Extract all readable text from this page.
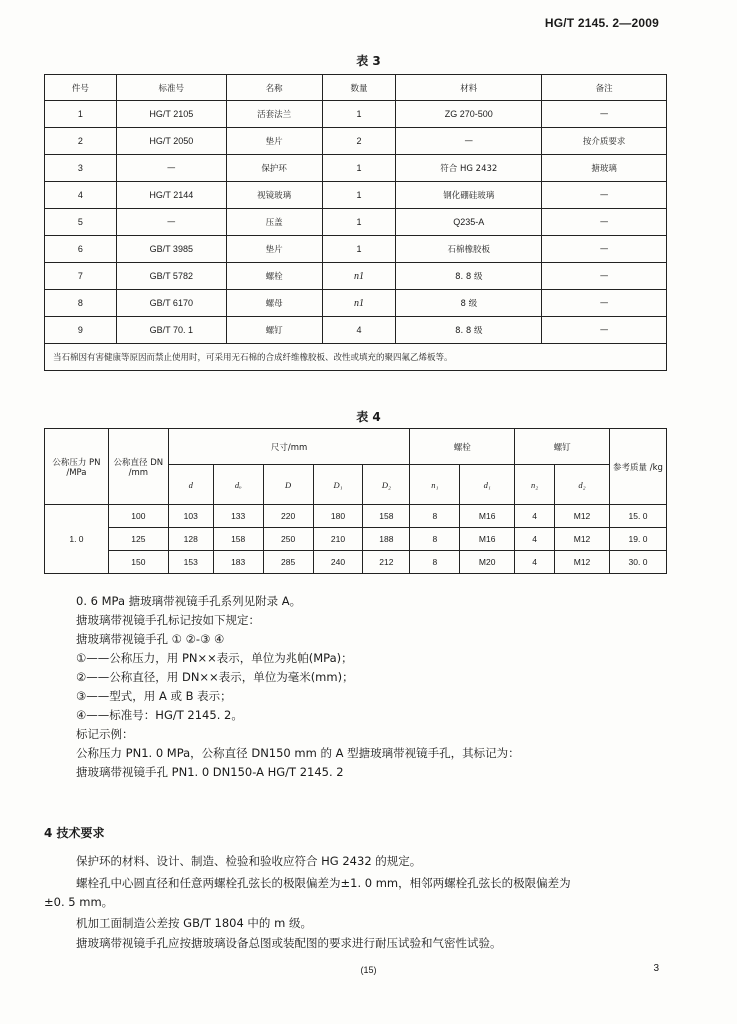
HG/T 2145. 2—2009
表 3
件号	标准号	名称	数量	材料	备注
1	HG/T 2105	活套法兰	1	ZG 270-500	—
2	HG/T 2050	垫片	2	—	按介质要求
3	—	保护环	1	符合 HG 2432	搪玻璃
4	HG/T 2144	视镜玻璃	1	钢化硼硅玻璃	—
5	—	压盖	1	Q235-A	—
6	GB/T 3985	垫片	1	石棉橡胶板	—
7	GB/T 5782	螺栓	n1	8. 8 级	—
8	GB/T 6170	螺母	n1	8 级	—
9	GB/T 70. 1	螺钉	4	8. 8 级	—
当石棉因有害健康等原因而禁止使用时，可采用无石棉的合成纤维橡胶板、改性或填充的聚四氟乙烯板等。					
表 4
公称压力 PN /MPa	公称直径 DN /mm	尺寸/mm					螺栓		螺钉		参考质量 /kg
		d	dₒ	D	D₁	D₂	n₁	d₁	n₂	d₂	
1. 0	100	103	133	220	180	158	8	M16	4	M12	15. 0
	125	128	158	250	210	188	8	M16	4	M12	19. 0
	150	153	183	285	240	212	8	M20	4	M12	30. 0
0. 6 MPa 搪玻璃带视镜手孔系列见附录 A。
搪玻璃带视镜手孔标记按如下规定：
搪玻璃带视镜手孔 ① ②-③ ④
①——公称压力，用 PN××表示，单位为兆帕(MPa)；
②——公称直径，用 DN××表示，单位为毫米(mm)；
③——型式，用 A 或 B 表示；
④——标准号：HG/T 2145. 2。
标记示例：
公称压力 PN1. 0 MPa，公称直径 DN150 mm 的 A 型搪玻璃带视镜手孔，其标记为：
搪玻璃带视镜手孔 PN1. 0 DN150-A HG/T 2145. 2
4 技术要求
保护环的材料、设计、制造、检验和验收应符合 HG 2432 的规定。
螺栓孔中心圆直径和任意两螺栓孔弦长的极限偏差为±1. 0 mm，相邻两螺栓孔弦长的极限偏差为
±0. 5 mm。
机加工面制造公差按 GB/T 1804 中的 m 级。
搪玻璃带视镜手孔应按搪玻璃设备总图或装配图的要求进行耐压试验和气密性试验。
(15)	3
